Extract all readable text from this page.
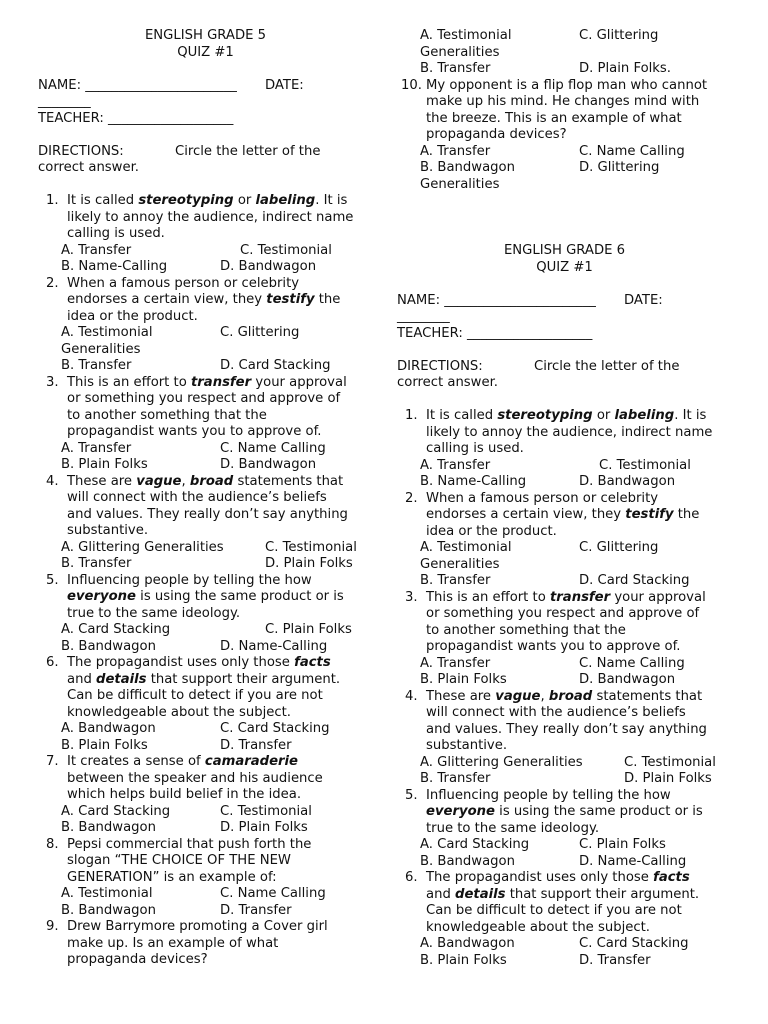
ENGLISH GRADE 5
QUIZ #1
NAME: _______________________ DATE:
________
TEACHER: ___________________
DIRECTIONS:	Circle the letter of the
correct answer.
1. It is called stereotyping or labeling. It is
likely to annoy the audience, indirect name
calling is used.
A. Transfer	C. Testimonial
B. Name-Calling	D. Bandwagon
2. When a famous person or celebrity
endorses a certain view, they testify the
idea or the product.
A. Testimonial	C. Glittering
Generalities
B. Transfer	D. Card Stacking
3. This is an effort to transfer your approval
or something you respect and approve of
to another something that the
propagandist wants you to approve of.
A. Transfer	C. Name Calling
B. Plain Folks	D. Bandwagon
4. These are vague, broad statements that
will connect with the audience’s beliefs
and values. They really don’t say anything
substantive.
A. Glittering Generalities	C. Testimonial
B. Transfer	D. Plain Folks
5. Influencing people by telling the how
everyone is using the same product or is
true to the same ideology.
A. Card Stacking	C. Plain Folks
B. Bandwagon	D. Name-Calling
6. The propagandist uses only those facts
and details that support their argument.
Can be difficult to detect if you are not
knowledgeable about the subject.
A. Bandwagon	C. Card Stacking
B. Plain Folks	D. Transfer
7. It creates a sense of camaraderie
between the speaker and his audience
which helps build belief in the idea.
A. Card Stacking	C. Testimonial
B. Bandwagon	D. Plain Folks
8. Pepsi commercial that push forth the
slogan “THE CHOICE OF THE NEW
GENERATION” is an example of:
A. Testimonial	C. Name Calling
B. Bandwagon	D. Transfer
9. Drew Barrymore promoting a Cover girl
make up. Is an example of what
propaganda devices?
A. Testimonial	C. Glittering
Generalities
B. Transfer	D. Plain Folks.
10. My opponent is a flip flop man who cannot
make up his mind. He changes mind with
the breeze. This is an example of what
propaganda devices?
A. Transfer	C. Name Calling
B. Bandwagon	D. Glittering
Generalities
ENGLISH GRADE 6
QUIZ #1
NAME: _______________________ DATE:
________
TEACHER: ___________________
DIRECTIONS:	Circle the letter of the
correct answer.
1. It is called stereotyping or labeling. It is
likely to annoy the audience, indirect name
calling is used.
A. Transfer	C. Testimonial
B. Name-Calling	D. Bandwagon
2. When a famous person or celebrity
endorses a certain view, they testify the
idea or the product.
A. Testimonial	C. Glittering
Generalities
B. Transfer	D. Card Stacking
3. This is an effort to transfer your approval
or something you respect and approve of
to another something that the
propagandist wants you to approve of.
A. Transfer	C. Name Calling
B. Plain Folks	D. Bandwagon
4. These are vague, broad statements that
will connect with the audience’s beliefs
and values. They really don’t say anything
substantive.
A. Glittering Generalities	C. Testimonial
B. Transfer	D. Plain Folks
5. Influencing people by telling the how
everyone is using the same product or is
true to the same ideology.
A. Card Stacking	C. Plain Folks
B. Bandwagon	D. Name-Calling
6. The propagandist uses only those facts
and details that support their argument.
Can be difficult to detect if you are not
knowledgeable about the subject.
A. Bandwagon	C. Card Stacking
B. Plain Folks	D. Transfer
